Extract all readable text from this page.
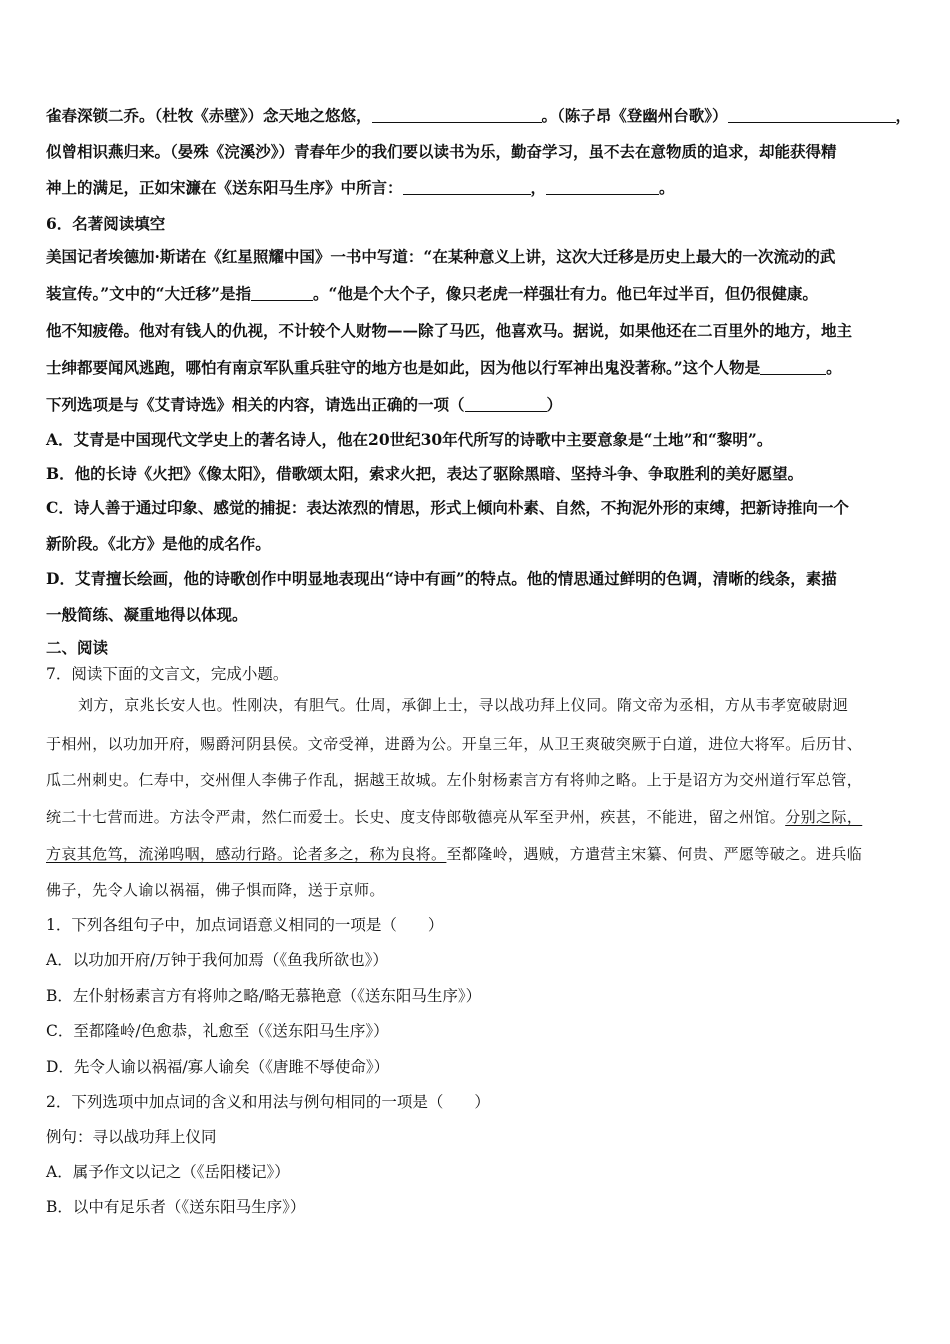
雀春深锁二乔。（杜牧《赤壁》）念天地之悠悠，	。（陈子昂《登幽州台歌》）	，
似曾相识燕归来。（晏殊《浣溪沙》）青春年少的我们要以读书为乐，勤奋学习，虽不去在意物质的追求，却能获得精
神上的满足，正如宋濂在《送东阳马生序》中所言：	，	。
6．名著阅读填空
美国记者埃德加·斯诺在《红星照耀中国》一书中写道：“在某种意义上讲，这次大迁移是历史上最大的一次流动的武
装宣传。”文中的“大迁移”是指	。“他是个大个子，像只老虎一样强壮有力。他已年过半百，但仍很健康。
他不知疲倦。他对有钱人的仇视，不计较个人财物——除了马匹，他喜欢马。据说，如果他还在二百里外的地方，地主
士绅都要闻风逃跑，哪怕有南京军队重兵驻守的地方也是如此，因为他以行军神出鬼没著称。”这个人物是	。
下列选项是与《艾青诗选》相关的内容，请选出正确的一项（	）
A．艾青是中国现代文学史上的著名诗人，他在20世纪30年代所写的诗歌中主要意象是“土地”和“黎明”。
B．他的长诗《火把》《像太阳》，借歌颂太阳，索求火把，表达了驱除黑暗、坚持斗争、争取胜利的美好愿望。
C．诗人善于通过印象、感觉的捕捉：表达浓烈的情思，形式上倾向朴素、自然，不拘泥外形的束缚，把新诗推向一个
新阶段。《北方》是他的成名作。
D．艾青擅长绘画，他的诗歌创作中明显地表现出“诗中有画”的特点。他的情思通过鲜明的色调，清晰的线条，素描
一般简练、凝重地得以体现。
二、阅读
7．阅读下面的文言文，完成小题。
刘方，京兆长安人也。性刚决，有胆气。仕周，承御上士，寻以战功拜上仪同。隋文帝为丞相，方从韦孝宽破尉迥
于相州，以功加开府，赐爵河阴县侯。文帝受禅，进爵为公。开皇三年，从卫王爽破突厥于白道，进位大将军。后历甘、
瓜二州刺史。仁寿中，交州俚人李佛子作乱，据越王故城。左仆射杨素言方有将帅之略。上于是诏方为交州道行军总管，
统二十七营而进。方法令严肃，然仁而爱士。长史、度支侍郎敬德亮从军至尹州，疾甚，不能进，留之州馆。分别之际，
方哀其危笃，流涕呜咽，感动行路。论者多之，称为良将。至都隆岭，遇贼，方遣营主宋纂、何贵、严愿等破之。进兵临
佛子，先令人谕以祸福，佛子惧而降，送于京师。
1．下列各组句子中，加点词语意义相同的一项是（　　）
A．以功加开府/万钟于我何加焉（《鱼我所欲也》）
B．左仆射杨素言方有将帅之略/略无慕艳意（《送东阳马生序》）
C．至都隆岭/色愈恭，礼愈至（《送东阳马生序》）
D．先令人谕以祸福/寡人谕矣（《唐雎不辱使命》）
2．下列选项中加点词的含义和用法与例句相同的一项是（　　）
例句：寻以战功拜上仪同
A．属予作文以记之（《岳阳楼记》）
B．以中有足乐者（《送东阳马生序》）
